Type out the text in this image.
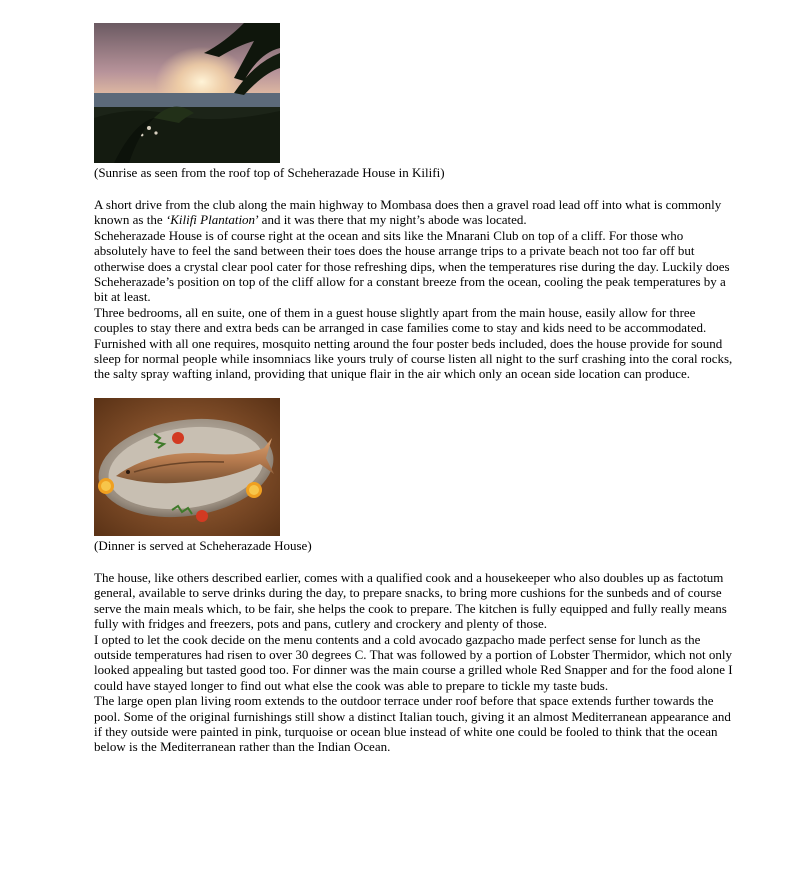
(Sunrise as seen from the roof top of Scheherazade House in Kilifi)

A short drive from the club along the main highway to Mombasa does then a gravel road lead off into what is commonly known as the ‘Kilifi Plantation’ and it was there that my night’s abode was located.

Scheherazade House is of course right at the ocean and sits like the Mnarani Club on top of a cliff. For those who absolutely have to feel the sand between their toes does the house arrange trips to a private beach not too far off but otherwise does a crystal clear pool cater for those refreshing dips, when the temperatures rise during the day. Luckily does Scheherazade’s position on top of the cliff allow for a constant breeze from the ocean, cooling the peak temperatures by a bit at least.

Three bedrooms, all en suite, one of them in a guest house slightly apart from the main house, easily allow for three couples to stay there and extra beds can be arranged in case families come to stay and kids need to be accommodated. Furnished with all one requires, mosquito netting around the four poster beds included, does the house provide for sound sleep for normal people while insomniacs like yours truly of course listen all night to the surf crashing into the coral rocks, the salty spray wafting inland, providing that unique flair in the air which only an ocean side location can produce.

(Dinner is served at Scheherazade House)

The house, like others described earlier, comes with a qualified cook and a housekeeper who also doubles up as factotum general, available to serve drinks during the day, to prepare snacks, to bring more cushions for the sunbeds and of course serve the main meals which, to be fair, she helps the cook to prepare. The kitchen is fully equipped and fully really means fully with fridges and freezers, pots and pans, cutlery and crockery and plenty of those.

I opted to let the cook decide on the menu contents and a cold avocado gazpacho made perfect sense for lunch as the outside temperatures had risen to over 30 degrees C. That was followed by a portion of Lobster Thermidor, which not only looked appealing but tasted good too. For dinner was the main course a grilled whole Red Snapper and for the food alone I could have stayed longer to find out what else the cook was able to prepare to tickle my taste buds.

The large open plan living room extends to the outdoor terrace under roof before that space extends further towards the pool. Some of the original furnishings still show a distinct Italian touch, giving it an almost Mediterranean appearance and if they outside were painted in pink, turquoise or ocean blue instead of white one could be fooled to think that the ocean below is the Mediterranean rather than the Indian Ocean.
